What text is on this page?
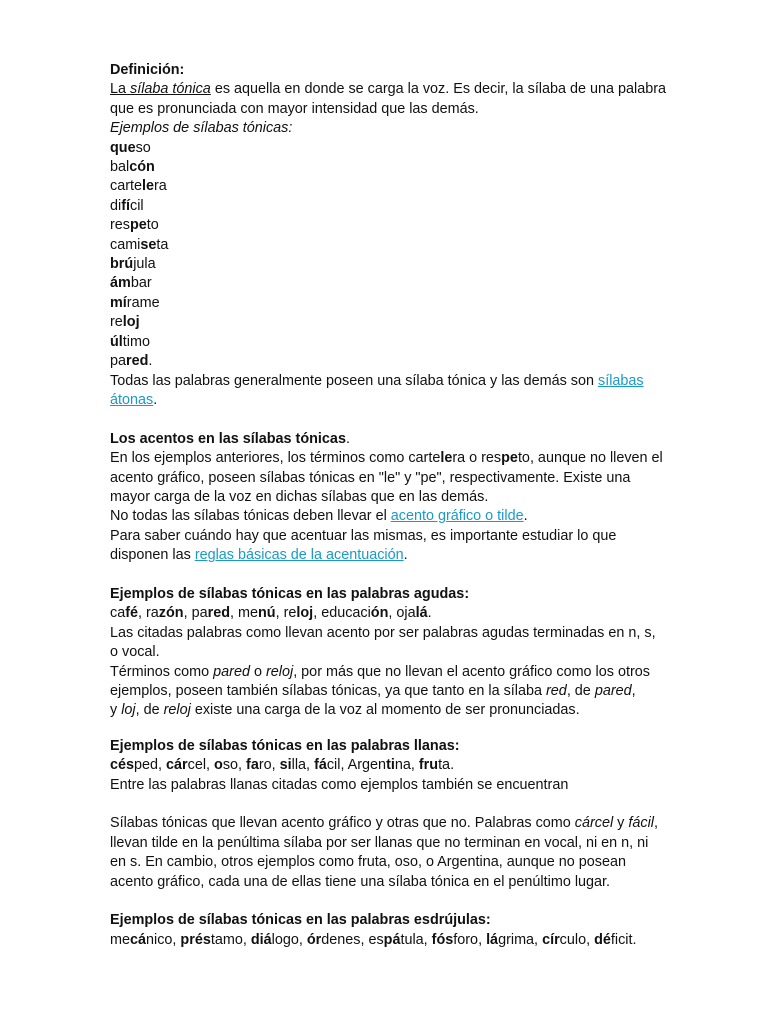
Definición:
La sílaba tónica es aquella en donde se carga la voz. Es decir, la sílaba de una palabra
que es pronunciada con mayor intensidad que las demás.
Ejemplos de sílabas tónicas:
queso
balcón
cartelera
difícil
respeto
camiseta
brújula
ámbar
mírame
reloj
último
pared.
Todas las palabras generalmente poseen una sílaba tónica y las demás son sílabas
átonas.
Los acentos en las sílabas tónicas.
En los ejemplos anteriores, los términos como cartelera o respeto, aunque no lleven el
acento gráfico, poseen sílabas tónicas en "le" y "pe", respectivamente. Existe una
mayor carga de la voz en dichas sílabas que en las demás.
No todas las sílabas tónicas deben llevar el acento gráfico o tilde.
Para saber cuándo hay que acentuar las mismas, es importante estudiar lo que
disponen las reglas básicas de la acentuación.
Ejemplos de sílabas tónicas en las palabras agudas:
café, razón, pared, menú, reloj, educación, ojalá.
Las citadas palabras como llevan acento por ser palabras agudas terminadas en n, s,
o vocal.
Términos como pared o reloj, por más que no llevan el acento gráfico como los otros
ejemplos, poseen también sílabas tónicas, ya que tanto en la sílaba red, de pared,
y loj, de reloj existe una carga de la voz al momento de ser pronunciadas.
Ejemplos de sílabas tónicas en las palabras llanas:
césped, cárcel, oso, faro, silla, fácil, Argentina, fruta.
Entre las palabras llanas citadas como ejemplos también se encuentran
Sílabas tónicas que llevan acento gráfico y otras que no. Palabras como cárcel y fácil,
llevan tilde en la penúltima sílaba por ser llanas que no terminan en vocal, ni en n, ni
en s. En cambio, otros ejemplos como fruta, oso, o Argentina, aunque no posean
acento gráfico, cada una de ellas tiene una sílaba tónica en el penúltimo lugar.
Ejemplos de sílabas tónicas en las palabras esdrújulas:
mecánico, préstamo, diálogo, órdenes, espátula, fósforo, lágrima, círculo, déficit.
